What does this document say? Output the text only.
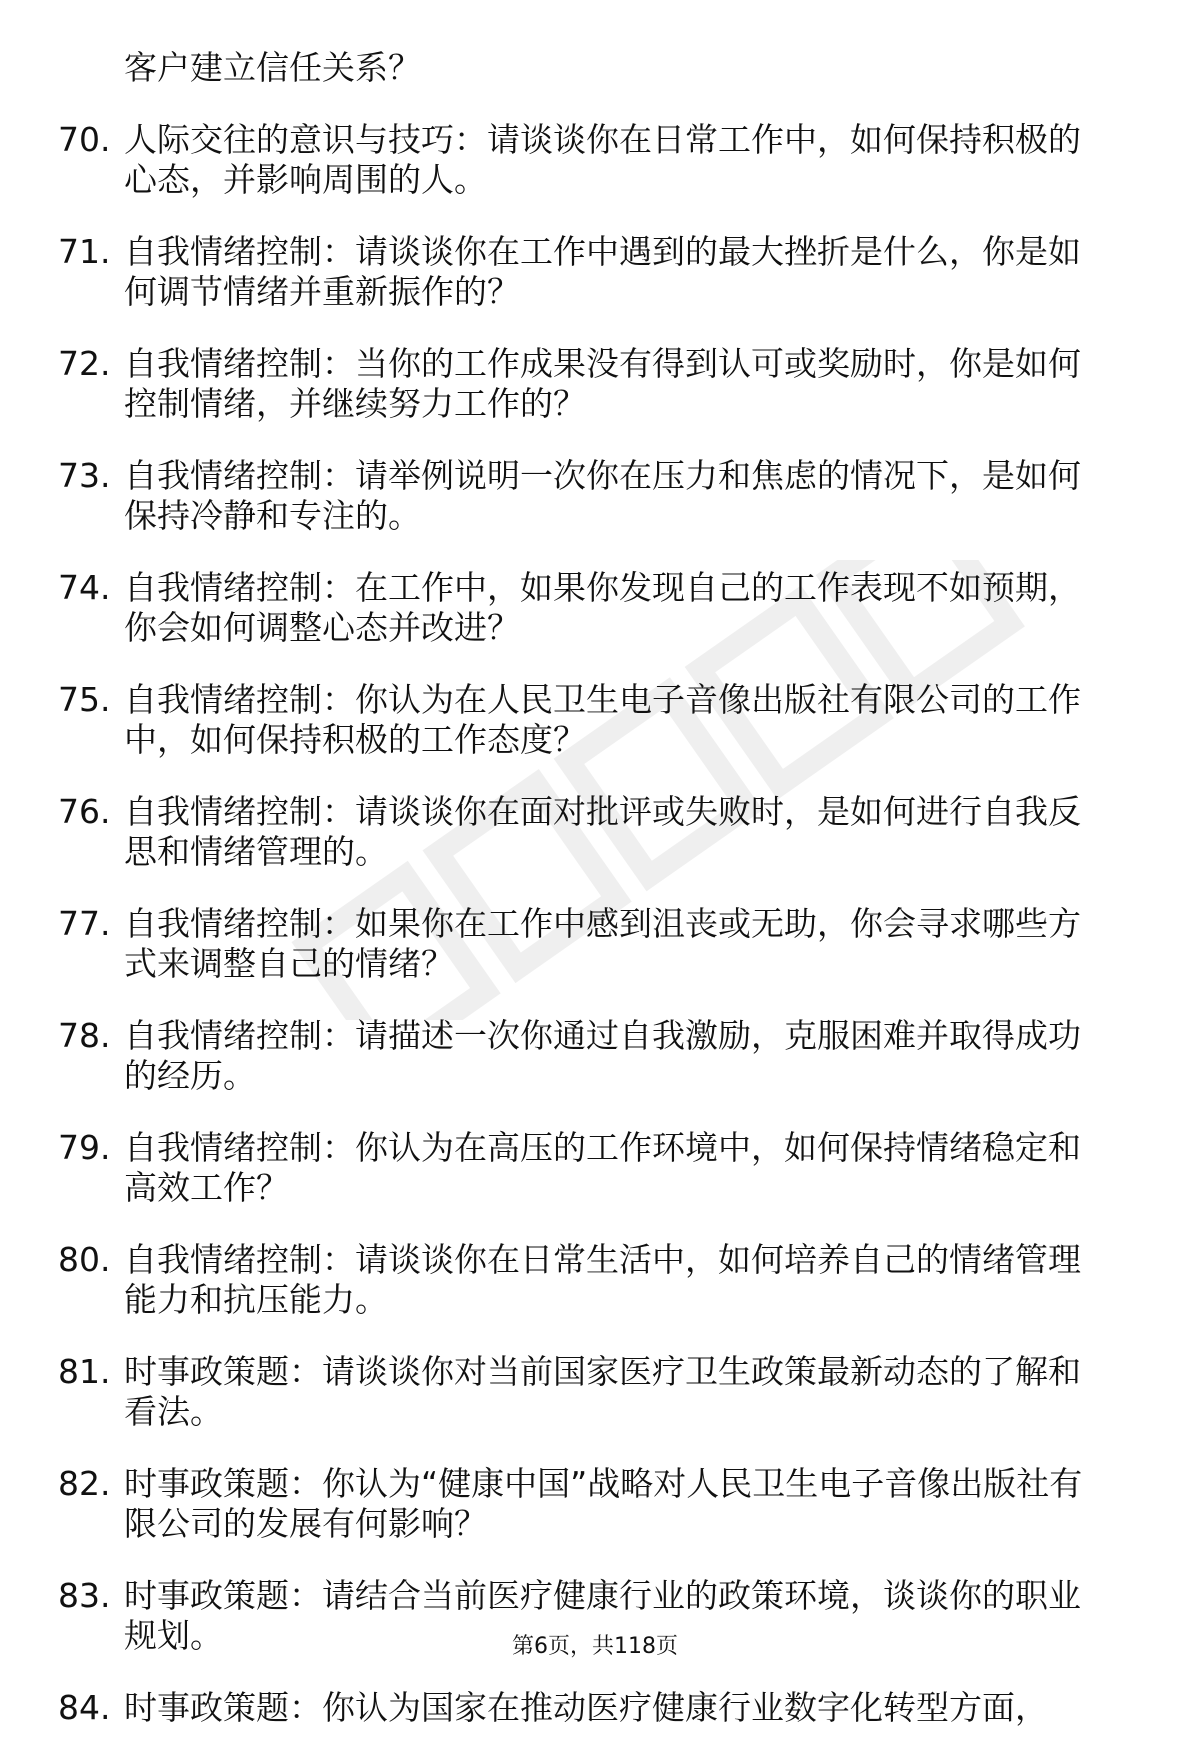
客户建立信任关系？
70. 人际交往的意识与技巧：请谈谈你在日常工作中，如何保持积极的心态，并影响周围的人。
71. 自我情绪控制：请谈谈你在工作中遇到的最大挫折是什么，你是如何调节情绪并重新振作的？
72. 自我情绪控制：当你的工作成果没有得到认可或奖励时，你是如何控制情绪，并继续努力工作的？
73. 自我情绪控制：请举例说明一次你在压力和焦虑的情况下，是如何保持冷静和专注的。
74. 自我情绪控制：在工作中，如果你发现自己的工作表现不如预期，你会如何调整心态并改进？
75. 自我情绪控制：你认为在人民卫生电子音像出版社有限公司的工作中，如何保持积极的工作态度？
76. 自我情绪控制：请谈谈你在面对批评或失败时，是如何进行自我反思和情绪管理的。
77. 自我情绪控制：如果你在工作中感到沮丧或无助，你会寻求哪些方式来调整自己的情绪？
78. 自我情绪控制：请描述一次你通过自我激励，克服困难并取得成功的经历。
79. 自我情绪控制：你认为在高压的工作环境中，如何保持情绪稳定和高效工作？
80. 自我情绪控制：请谈谈你在日常生活中，如何培养自己的情绪管理能力和抗压能力。
81. 时事政策题：请谈谈你对当前国家医疗卫生政策最新动态的了解和看法。
82. 时事政策题：你认为“健康中国”战略对人民卫生电子音像出版社有限公司的发展有何影响？
83. 时事政策题：请结合当前医疗健康行业的政策环境，谈谈你的职业规划。
84. 时事政策题：你认为国家在推动医疗健康行业数字化转型方面，
第6页，共118页
